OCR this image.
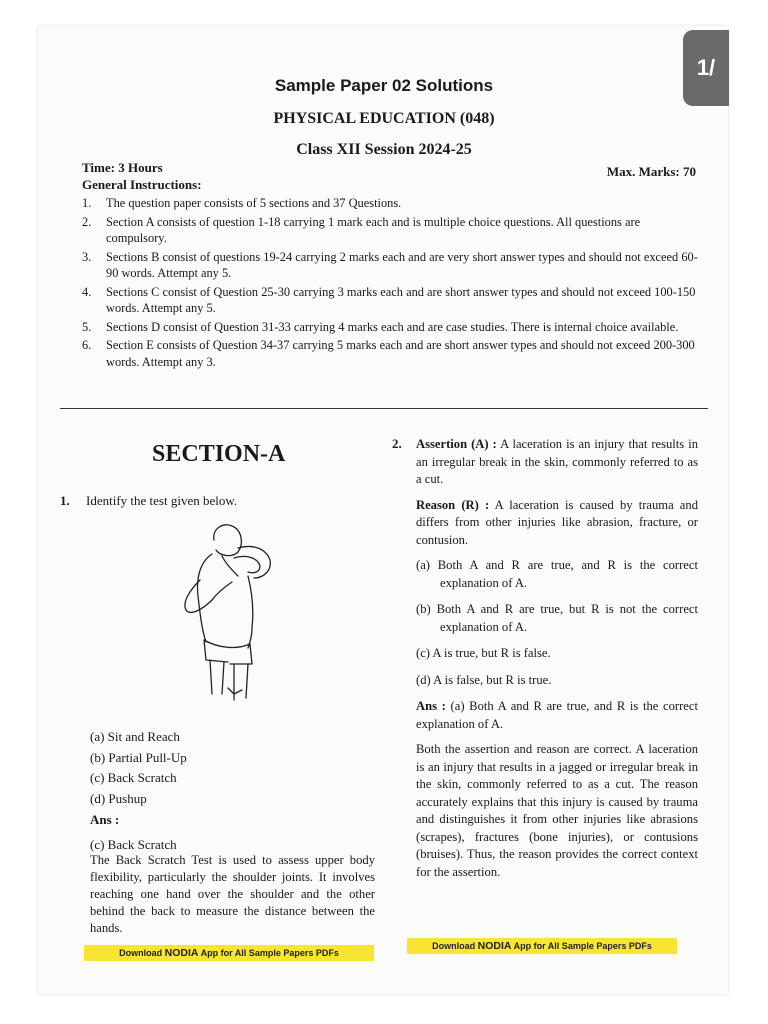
1/
Sample Paper 02 Solutions
PHYSICAL EDUCATION (048)
Class XII Session 2024-25
Time: 3 Hours	Max. Marks: 70
General Instructions:
1. The question paper consists of 5 sections and 37 Questions.
2. Section A consists of question 1-18 carrying 1 mark each and is multiple choice questions. All questions are compulsory.
3. Sections B consist of questions 19-24 carrying 2 marks each and are very short answer types and should not exceed 60-90 words. Attempt any 5.
4. Sections C consist of Question 25-30 carrying 3 marks each and are short answer types and should not exceed 100-150 words. Attempt any 5.
5. Sections D consist of Question 31-33 carrying 4 marks each and are case studies. There is internal choice available.
6. Section E consists of Question 34-37 carrying 5 marks each and are short answer types and should not exceed 200-300 words. Attempt any 3.
SECTION-A
1. Identify the test given below.
(a) Sit and Reach
(b) Partial Pull-Up
(c) Back Scratch
(d) Pushup
Ans :
(c) Back Scratch
The Back Scratch Test is used to assess upper body flexibility, particularly the shoulder joints. It involves reaching one hand over the shoulder and the other behind the back to measure the distance between the hands.
2. Assertion (A) : A laceration is an injury that results in an irregular break in the skin, commonly referred to as a cut.

Reason (R) : A laceration is caused by trauma and differs from other injuries like abrasion, fracture, or contusion.

(a) Both A and R are true, and R is the correct explanation of A.

(b) Both A and R are true, but R is not the correct explanation of A.

(c) A is true, but R is false.

(d) A is false, but R is true.

Ans : (a) Both A and R are true, and R is the correct explanation of A.

Both the assertion and reason are correct. A laceration is an injury that results in a jagged or irregular break in the skin, commonly referred to as a cut. The reason accurately explains that this injury is caused by trauma and distinguishes it from other injuries like abrasions (scrapes), fractures (bone injuries), or contusions (bruises). Thus, the reason provides the correct context for the assertion.

Download NODIA App for All Sample Papers PDFs
Download NODIA App for All Sample Papers PDFs
